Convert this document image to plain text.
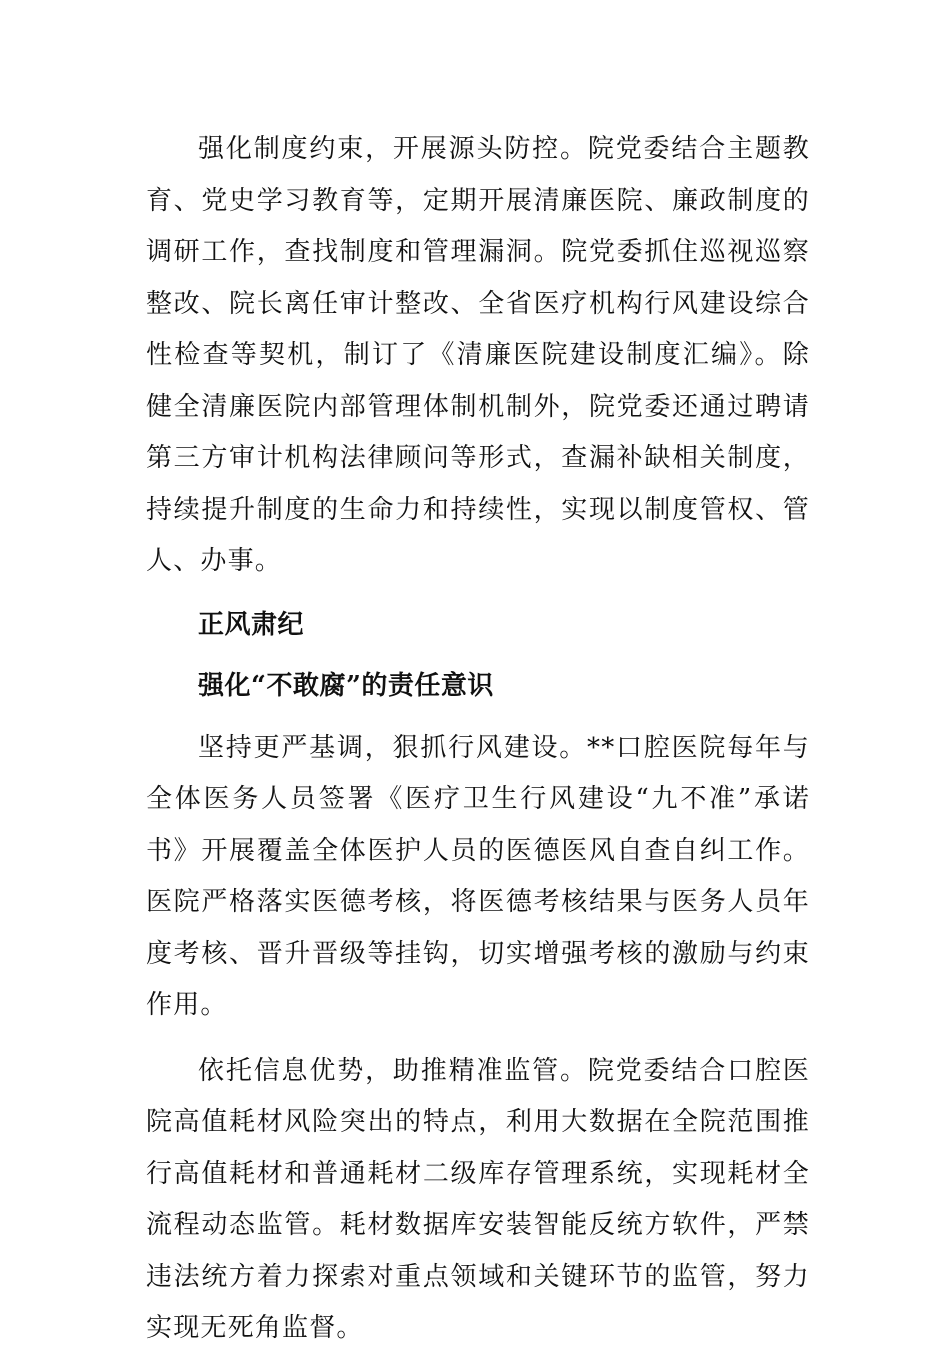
强化制度约束，开展源头防控。院党委结合主题教育、党史学习教育等，定期开展清廉医院、廉政制度的调研工作，查找制度和管理漏洞。院党委抓住巡视巡察整改、院长离任审计整改、全省医疗机构行风建设综合性检查等契机，制订了《清廉医院建设制度汇编》。除健全清廉医院内部管理体制机制外，院党委还通过聘请第三方审计机构法律顾问等形式，查漏补缺相关制度，持续提升制度的生命力和持续性，实现以制度管权、管人、办事。

正风肃纪

强化“不敢腐”的责任意识

坚持更严基调，狠抓行风建设。**口腔医院每年与全体医务人员签署《医疗卫生行风建设“九不准”承诺书》开展覆盖全体医护人员的医德医风自查自纠工作。医院严格落实医德考核，将医德考核结果与医务人员年度考核、晋升晋级等挂钩，切实增强考核的激励与约束作用。

依托信息优势，助推精准监管。院党委结合口腔医院高值耗材风险突出的特点，利用大数据在全院范围推行高值耗材和普通耗材二级库存管理系统，实现耗材全流程动态监管。耗材数据库安装智能反统方软件，严禁违法统方着力探索对重点领域和关键环节的监管，努力实现无死角监督。
